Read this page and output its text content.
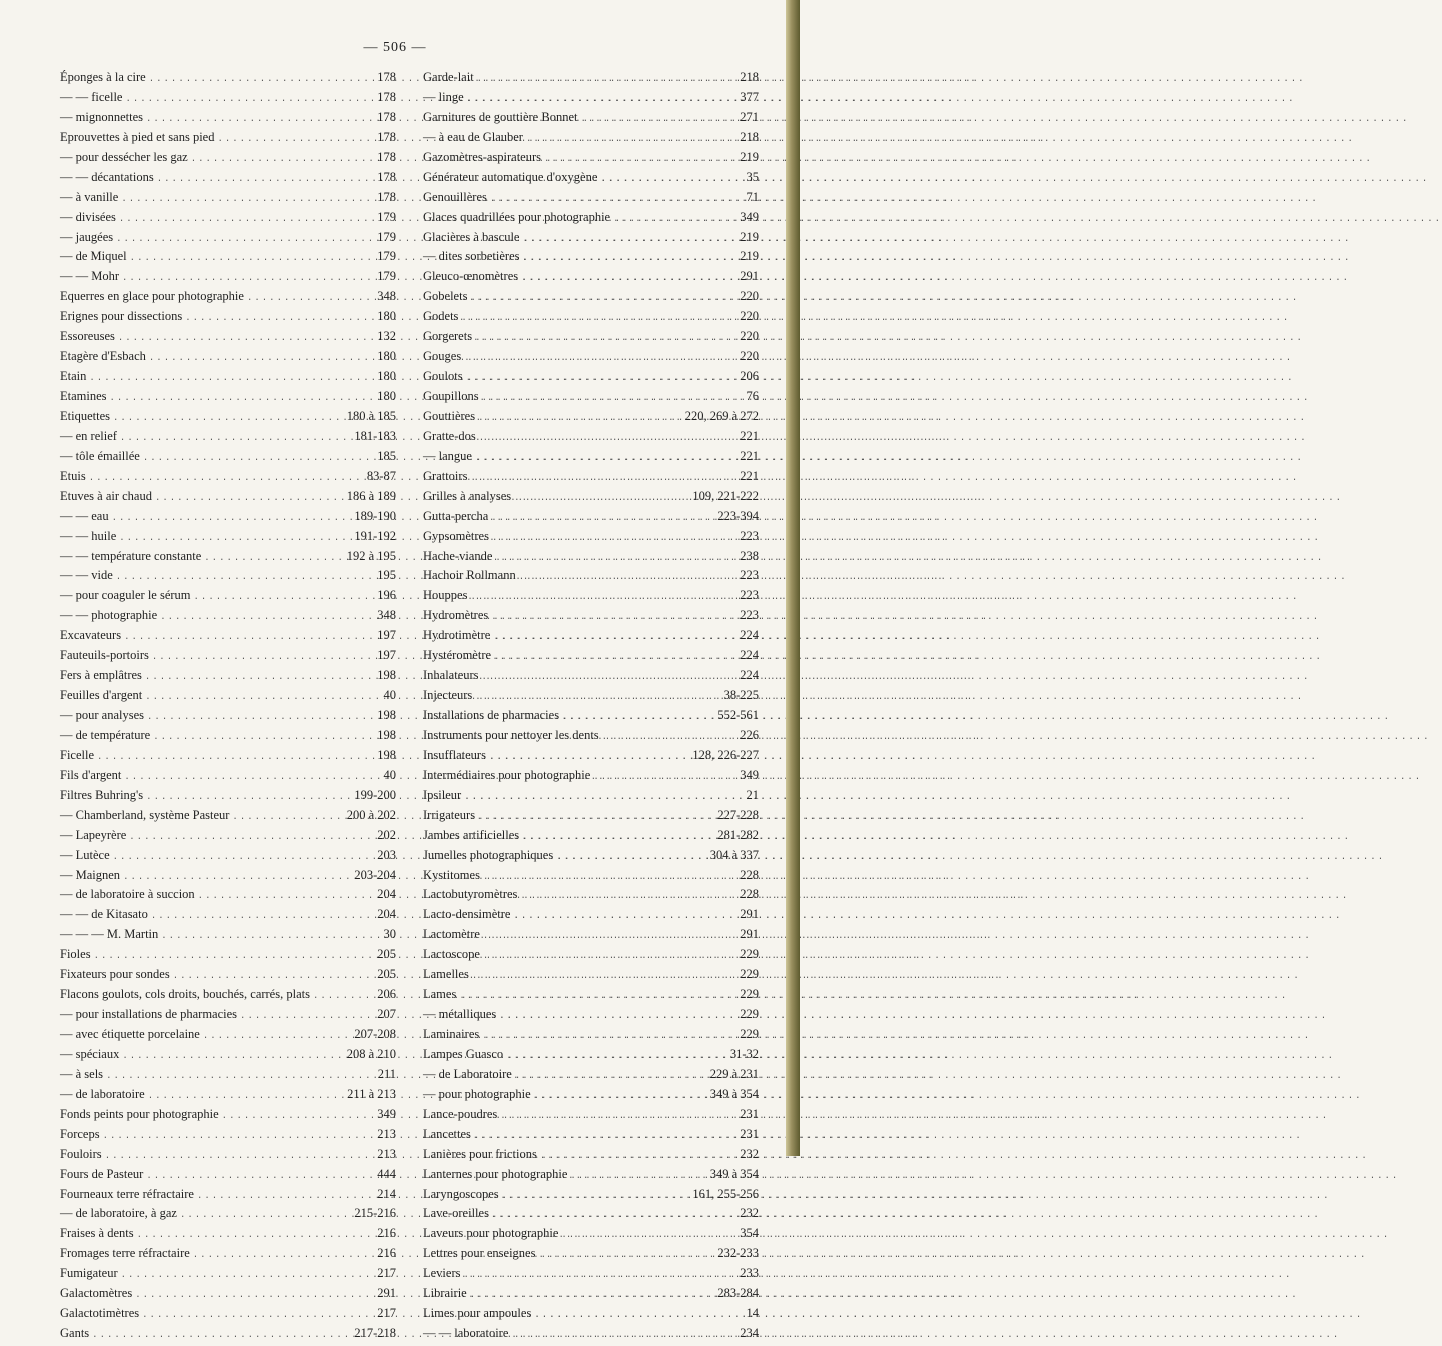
— 506 —
Éponges à la cire .....	178
— — ficelle .....	178
— mignonnettes .....	178
Eprouvettes à pied et sans pied .....	178
— pour dessécher les gaz .....	178
— — décantations .....	178
— à vanille .....	178
— divisées .....	179
— jaugées .....	179
— de Miquel .....	179
— — Mohr .....	179
Equerres en glace pour photographie .....	348
Erignes pour dissections .....	180
Essoreuses .....	132
Etagère d'Esbach .....	180
Etain .....	180
Etamines .....	180
Etiquettes .....	180 à 185
— en relief .....	181-183
— tôle émaillée .....	185
Etuis .....	83-87
Etuves à air chaud .....	186 à 189
— — eau .....	189-190
— — huile .....	191-192
— — température constante .....	192 à 195
— — vide .....	195
— pour coaguler le sérum .....	196
— — photographie .....	348
Excavateurs .....	197
Fauteuils-portoirs .....	197
Fers à emplâtres .....	198
Feuilles d'argent .....	40
— pour analyses .....	198
— de température .....	198
Ficelle .....	198
Fils d'argent .....	40
Filtres Buhring's .....	199-200
— Chamberland, système Pasteur .....	200 à 202
— Lapeyrère .....	202
— Lutèce .....	203
— Maignen .....	203-204
— de laboratoire à succion .....	204
— — de Kitasato .....	204
— — — M. Martin .....	30
Fioles .....	205
Fixateurs pour sondes .....	205
Flacons goulots, cols droits, bouchés, carrés, plats .....	206
— pour installations de pharmacies .....	207
— avec étiquette porcelaine .....	207-208
— spéciaux .....	208 à 210
— à sels .....	211
— de laboratoire .....	211 à 213
Fonds peints pour photographie .....	349
Forceps .....	213
Fouloirs .....	213
Fours de Pasteur .....	444
Fourneaux terre réfractaire .....	214
— de laboratoire, à gaz .....	215-216
Fraises à dents .....	216
Fromages terre réfractaire .....	216
Fumigateur .....	217
Galactomètres .....	291
Galactotimètres .....	217
Gants .....	217-218
Garde-lait .....	218
— linge .....	377
Garnitures de gouttière Bonnet .....	271
— à eau de Glauber .....	218
Gazomètres-aspirateurs .....	219
Générateur automatique d'oxygène .....	35
Genouillères .....	71
Glaces quadrillées pour photographie .....	349
Glacières à bascule .....	219
— dites sorbetières .....	219
Gleuco-œnomètres .....	291
Gobelets .....	220
Godets .....	220
Gorgerets .....	220
Gouges .....	220
Goulots .....	206
Goupillons .....	76
Gouttières .....	220, 269 à 272
Gratte-dos .....	221
— langue .....	221
Grattoirs .....	221
Grilles à analyses .....	109, 221-222
Gutta-percha .....	223-394
Gypsomètres .....	223
Hache-viande .....	238
Hachoir Rollmann .....	223
Houppes .....	223
Hydromètres .....	223
Hydrotimètre .....	224
Hystéromètre .....	224
Inhalateurs .....	224
Injecteurs .....	38-225
Installations de pharmacies .....	552-561
Instruments pour nettoyer les dents .....	226
Insufflateurs .....	128, 226-227
Intermédiaires pour photographie .....	349
Ipsileur .....	21
Irrigateurs .....	227-228
Jambes artificielles .....	281-282
Jumelles photographiques .....	304 à 337
Kystitomes .....	228
Lactobutyromètres .....	228
Lacto-densimètre .....	291
Lactomètre .....	291
Lactoscope .....	229
Lamelles .....	229
Lames .....	229
— métalliques .....	229
Laminaires .....	229
Lampes Guasco .....	31-32
— de Laboratoire .....	229 à 231
— pour photographie .....	349 à 354
Lance-poudres .....	231
Lancettes .....	231
Lanières pour frictions .....	232
Lanternes pour photographie .....	349 à 354
Laryngoscopes .....	161, 255-256
Lave-oreilles .....	232
Laveurs pour photographie .....	354
Lettres pour enseignes .....	232-233
Leviers .....	233
Librairie .....	283-284
Limes pour ampoules .....	14
— — laboratoire .....	234
